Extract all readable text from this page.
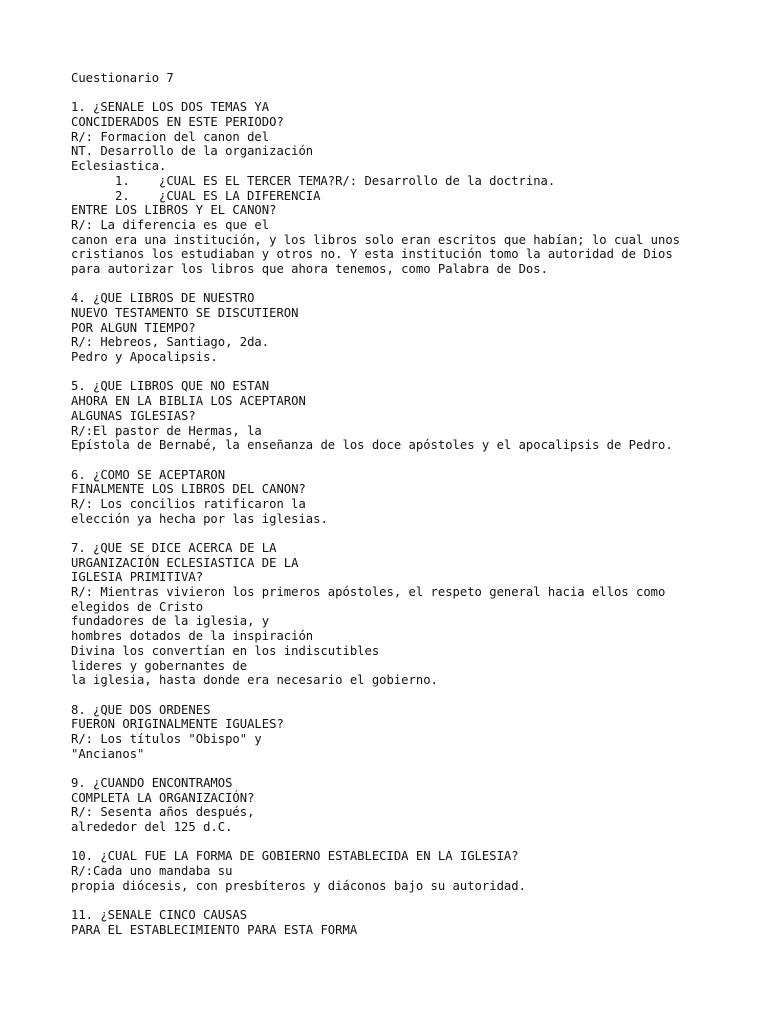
Cuestionario 7
1. ¿SENALE LOS DOS TEMAS YA
CONCIDERADOS EN ESTE PERIODO?
R/: Formacion del canon del
NT. Desarrollo de la organización
Eclesiastica.
1. ¿CUAL ES EL TERCER TEMA?R/: Desarrollo de la doctrina.
2. ¿CUAL ES LA DIFERENCIA
ENTRE LOS LIBROS Y EL CANON?
R/: La diferencia es que el
canon era una institución, y los libros solo eran escritos que habían; lo cual unos
cristianos los estudiaban y otros no. Y esta institución tomo la autoridad de Dios
para autorizar los libros que ahora tenemos, como Palabra de Dos.
4. ¿QUE LIBROS DE NUESTRO
NUEVO TESTAMENTO SE DISCUTIERON
POR ALGUN TIEMPO?
R/: Hebreos, Santiago, 2da.
Pedro y Apocalipsis.
5. ¿QUE LIBROS QUE NO ESTAN
AHORA EN LA BIBLIA LOS ACEPTARON
ALGUNAS IGLESIAS?
R/:El pastor de Hermas, la
Epístola de Bernabé, la enseñanza de los doce apóstoles y el apocalipsis de Pedro.
6. ¿COMO SE ACEPTARON
FINALMENTE LOS LIBROS DEL CANON?
R/: Los concilios ratificaron la
elección ya hecha por las iglesias.
7. ¿QUE SE DICE ACERCA DE LA
URGANIZACIÓN ECLESIASTICA DE LA
IGLESIA PRIMITIVA?
R/: Mientras vivieron los primeros apóstoles, el respeto general hacia ellos como
elegidos de Cristo
fundadores de la iglesia, y
hombres dotados de la inspiración
Divina los convertían en los indiscutibles
lideres y gobernantes de
la iglesia, hasta donde era necesario el gobierno.
8. ¿QUE DOS ORDENES
FUERON ORIGINALMENTE IGUALES?
R/: Los títulos "Obispo" y
"Ancianos"
9. ¿CUANDO ENCONTRAMOS
COMPLETA LA ORGANIZACIÓN?
R/: Sesenta años después,
alrededor del 125 d.C.
10. ¿CUAL FUE LA FORMA DE GOBIERNO ESTABLECIDA EN LA IGLESIA?
R/:Cada uno mandaba su
propia diócesis, con presbíteros y diáconos bajo su autoridad.
11. ¿SENALE CINCO CAUSAS
PARA EL ESTABLECIMIENTO PARA ESTA FORMA
